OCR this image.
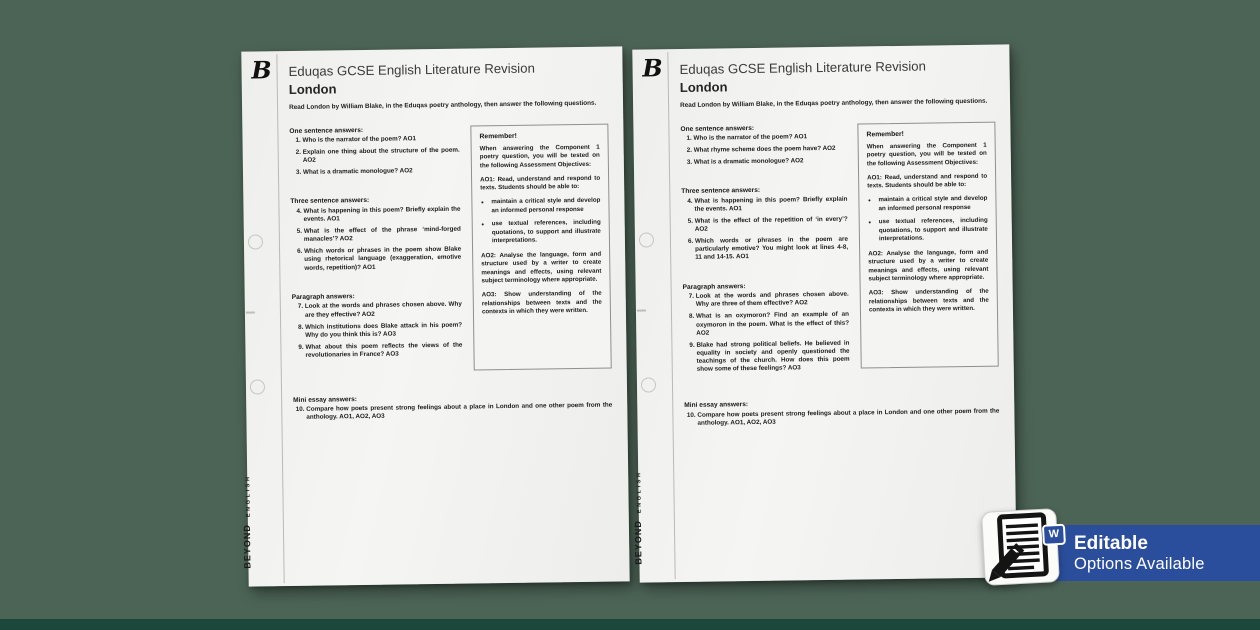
B
BEYONDENGLISH
Eduqas GCSE English Literature Revision
London

Read London by William Blake, in the Eduqas poetry anthology, then answer the following questions.

One sentence answers:
1. Who is the narrator of the poem? AO1
2. Explain one thing about the structure of the poem. AO2
3. What is a dramatic monologue? AO2
Three sentence answers:
4. What is happening in this poem? Briefly explain the events. AO1
5. What is the effect of the phrase ‘mind-forged manacles’? AO2
6. Which words or phrases in the poem show Blake using rhetorical language (exaggeration, emotive words, repetition)? AO1
Paragraph answers:
7. Look at the words and phrases chosen above. Why are they effective? AO2
8. Which institutions does Blake attack in his poem? Why do you think this is? AO3
9. What about this poem reflects the views of the revolutionaries in France? AO3
Remember!

When answering the Component 1 poetry question, you will be tested on the following Assessment Objectives:

AO1: Read, understand and respond to texts. Students should be able to:

• maintain a critical style and develop an informed personal response
• use textual references, including quotations, to support and illustrate interpretations.

AO2: Analyse the language, form and structure used by a writer to create meanings and effects, using relevant subject terminology where appropriate.

AO3: Show understanding of the relationships between texts and the contexts in which they were written.

Mini essay answers:
10. Compare how poets present strong feelings about a place in London and one other poem from the anthology. AO1, AO2, AO3
B
BEYONDENGLISH
Eduqas GCSE English Literature Revision
London

Read London by William Blake, in the Eduqas poetry anthology, then answer the following questions.

One sentence answers:
1. Who is the narrator of the poem? AO1
2. What rhyme scheme does the poem have? AO2
3. What is a dramatic monologue? AO2
Three sentence answers:
4. What is happening in this poem? Briefly explain the events. AO1
5. What is the effect of the repetition of ‘in every’? AO2
6. Which words or phrases in the poem are particularly emotive? You might look at lines 4-8, 11 and 14-15. AO1
Paragraph answers:
7. Look at the words and phrases chosen above. Why are three of them effective? AO2
8. What is an oxymoron? Find an example of an oxymoron in the poem. What is the effect of this? AO2
9. Blake had strong political beliefs. He believed in equality in society and openly questioned the teachings of the church. How does this poem show some of these feelings? AO3
Remember!

When answering the Component 1 poetry question, you will be tested on the following Assessment Objectives:

AO1: Read, understand and respond to texts. Students should be able to:

• maintain a critical style and develop an informed personal response
• use textual references, including quotations, to support and illustrate interpretations.

AO2: Analyse the language, form and structure used by a writer to create meanings and effects, using relevant subject terminology where appropriate.

AO3: Show understanding of the relationships between texts and the contexts in which they were written.

Mini essay answers:
10. Compare how poets present strong feelings about a place in London and one other poem from the anthology. AO1, AO2, AO3
Editable
Options Available
W
